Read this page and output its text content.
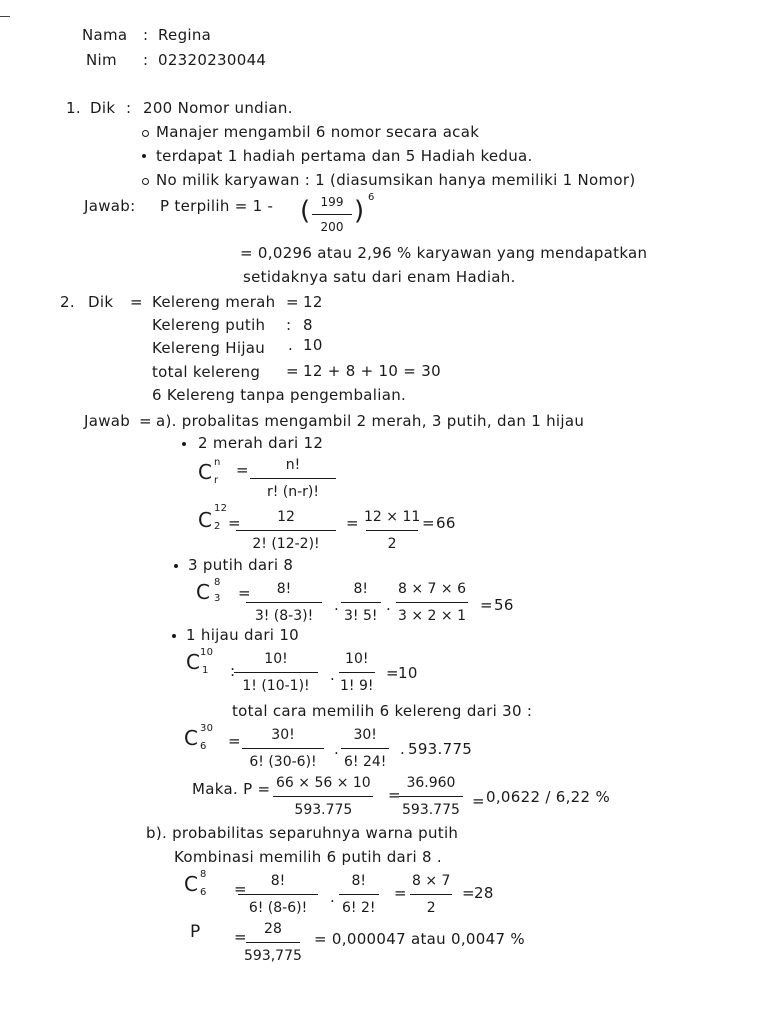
Nama : Regina
Nim : 02320230044
1. Dik : 200 Nomor undian.
Manajer mengambil 6 nomor secara acak
terdapat 1 hadiah pertama dan 5 Hadiah kedua.
No milik karyawan : 1 (diasumsikan hanya memiliki 1 Nomor)
Jawab: P terpilih = 1 - ( 199
200
) 6
= 0,0296 atau 2,96 % karyawan yang mendapatkan
setidaknya satu dari enam Hadiah.
2. Dik = Kelereng merah = 12
Kelereng putih : 8
Kelereng Hijau . 10
total kelereng = 12 + 8 + 10 = 30
6 Kelereng tanpa pengembalian.
Jawab = a). probalitas mengambil 2 merah, 3 putih, dan 1 hijau
2 merah dari 12
C n
r
=	n!
r! (n-r)!
C 12
2 =	12
2! (12-2)!
= 12 × 11
2
= 66
3 putih dari 8
C 8
3 = 8!
3! (8-3)!
.
8!
3! 5!
.
8 × 7 × 6
3 × 2 × 1
= 56
1 hijau dari 10
C 10
1 :
10!
1! (10-1)!
.
10!
1! 9!
= 10
total cara memilih 6 kelereng dari 30 :
C 30
6 = 30!
6! (30-6)!
.
30!
6! 24!
. 593.775
Maka. P = 66 × 56 × 10
593.775
=
36.960
593.775 = 0,0622 / 6,22 %
b). probabilitas separuhnya warna putih
Kombinasi memilih 6 putih dari 8 .
C 8
6 = 8!
6! (8-6)!
.
8!
6! 2!
=
8 × 7
2
= 28
P = 28
593,775
= 0,000047 atau 0,0047 %
